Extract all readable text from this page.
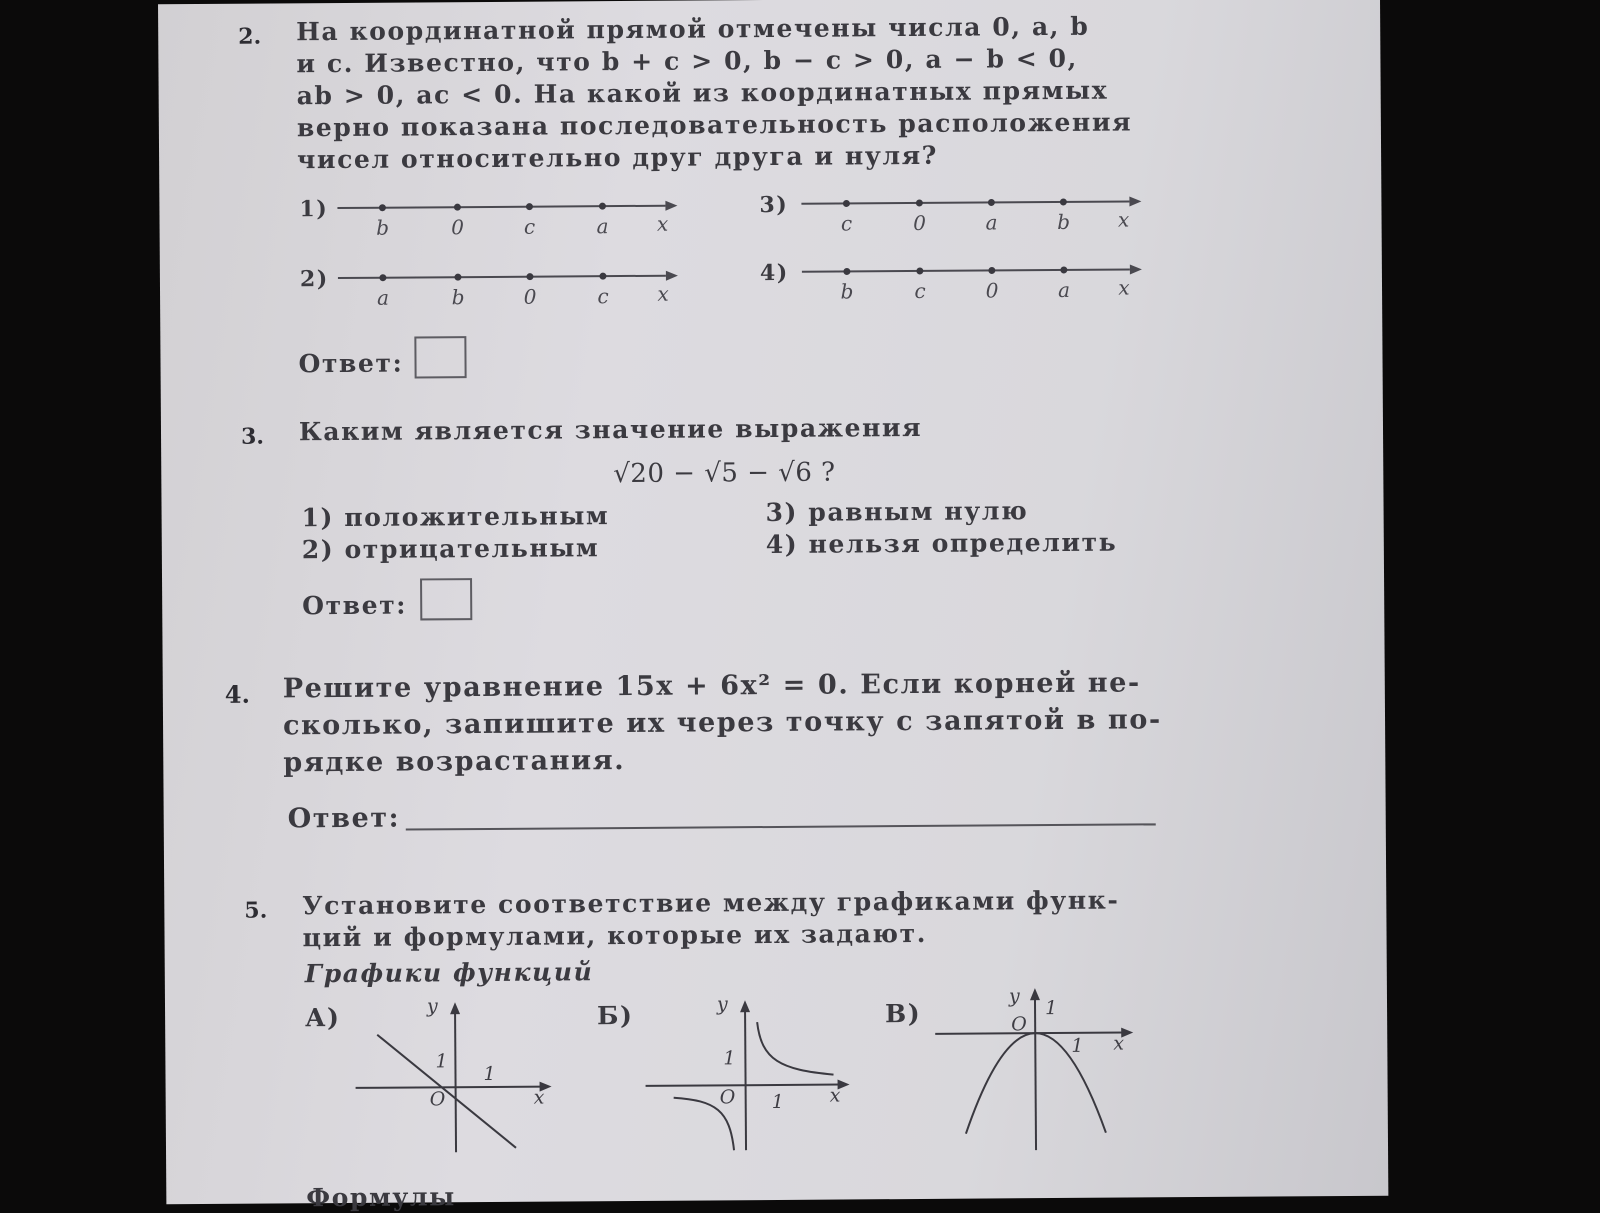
2. На координатной прямой отмечены числа 0, a, b
и c. Известно, что b + c > 0, b − c > 0, a − b < 0,
ab > 0, ac < 0. На какой из координатных прямых
верно показана последовательность расположения
чисел относительно друг друга и нуля?
1)
b	0	c	a x
2)
a	b	0	c x
3)
c	0	a	b x
4)
b	c	0	a x
Ответ:
3. Каким является значение выражения
√20 − √5 − √6 ?
1) положительным
2) отрицательным
3) равным нулю
4) нельзя определить
Ответ:
4. Решите уравнение 15x + 6x² = 0. Если корней не-
сколько, запишите их через точку с запятой в по-
рядке возрастания.
Ответ:
5. Установите соответствие между графиками функ-
ций и формулами, которые их задают.
Графики функций
А)	y
x
O
1
1
Б)	y
x
O
1
1
В)
y
x
O
1
1
Формулы
